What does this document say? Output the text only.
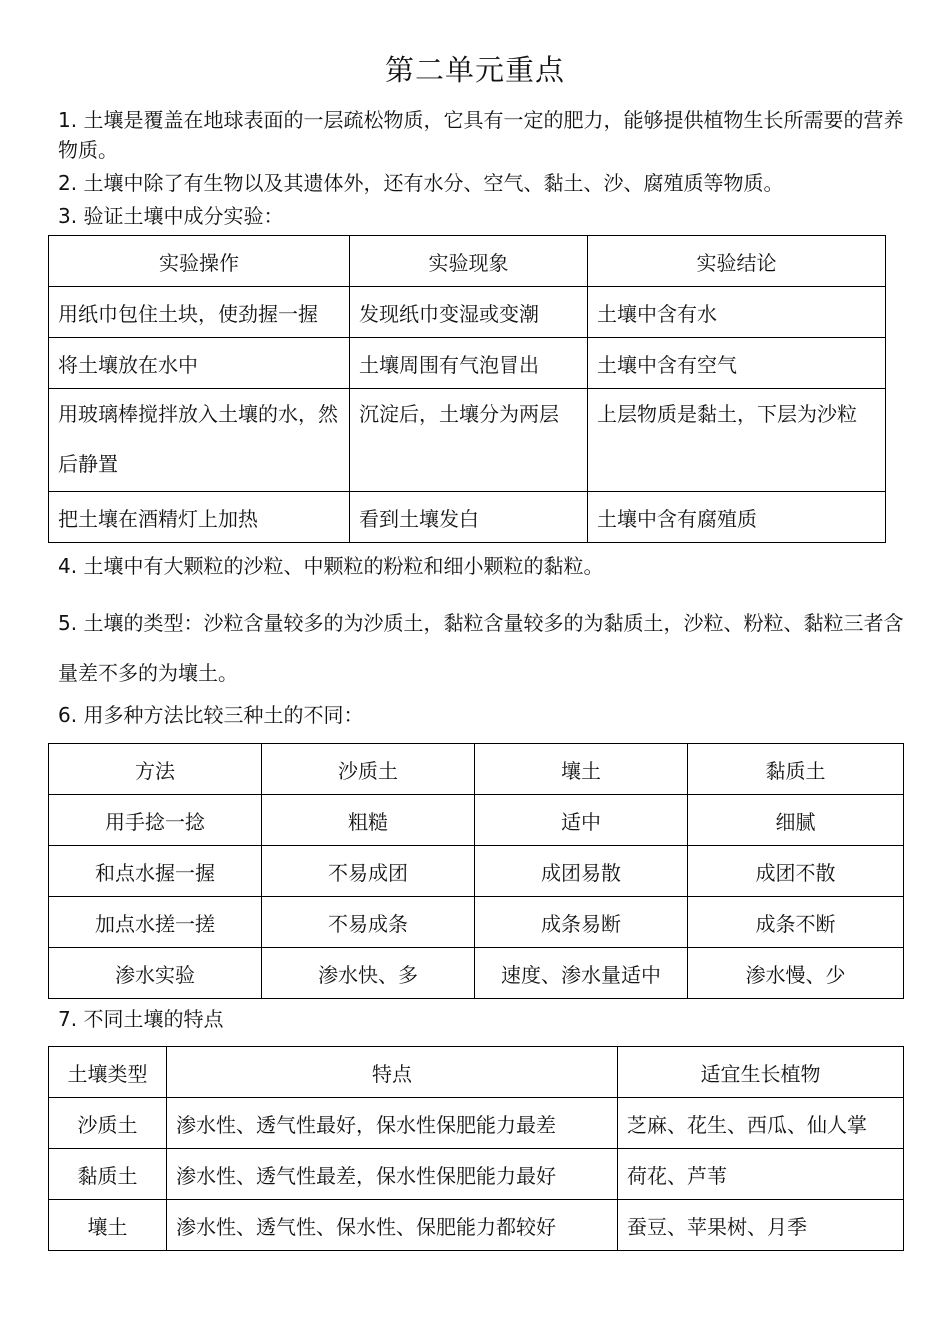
第二单元重点
1. 土壤是覆盖在地球表面的一层疏松物质，它具有一定的肥力，能够提供植物生长所需要的营养物质。
2. 土壤中除了有生物以及其遗体外，还有水分、空气、黏土、沙、腐殖质等物质。
3. 验证土壤中成分实验：
实验操作	实验现象	实验结论
用纸巾包住土块，使劲握一握	发现纸巾变湿或变潮	土壤中含有水
将土壤放在水中	土壤周围有气泡冒出	土壤中含有空气
用玻璃棒搅拌放入土壤的水，然后静置	沉淀后，土壤分为两层	上层物质是黏土，下层为沙粒
把土壤在酒精灯上加热	看到土壤发白	土壤中含有腐殖质
4. 土壤中有大颗粒的沙粒、中颗粒的粉粒和细小颗粒的黏粒。
5. 土壤的类型：沙粒含量较多的为沙质土，黏粒含量较多的为黏质土，沙粒、粉粒、黏粒三者含量差不多的为壤土。
6. 用多种方法比较三种土的不同：
方法	沙质土	壤土	黏质土
用手捻一捻	粗糙	适中	细腻
和点水握一握	不易成团	成团易散	成团不散
加点水搓一搓	不易成条	成条易断	成条不断
渗水实验	渗水快、多	速度、渗水量适中	渗水慢、少
7. 不同土壤的特点
土壤类型	特点	适宜生长植物
沙质土	渗水性、透气性最好，保水性保肥能力最差	芝麻、花生、西瓜、仙人掌
黏质土	渗水性、透气性最差，保水性保肥能力最好	荷花、芦苇
壤土	渗水性、透气性、保水性、保肥能力都较好	蚕豆、苹果树、月季
